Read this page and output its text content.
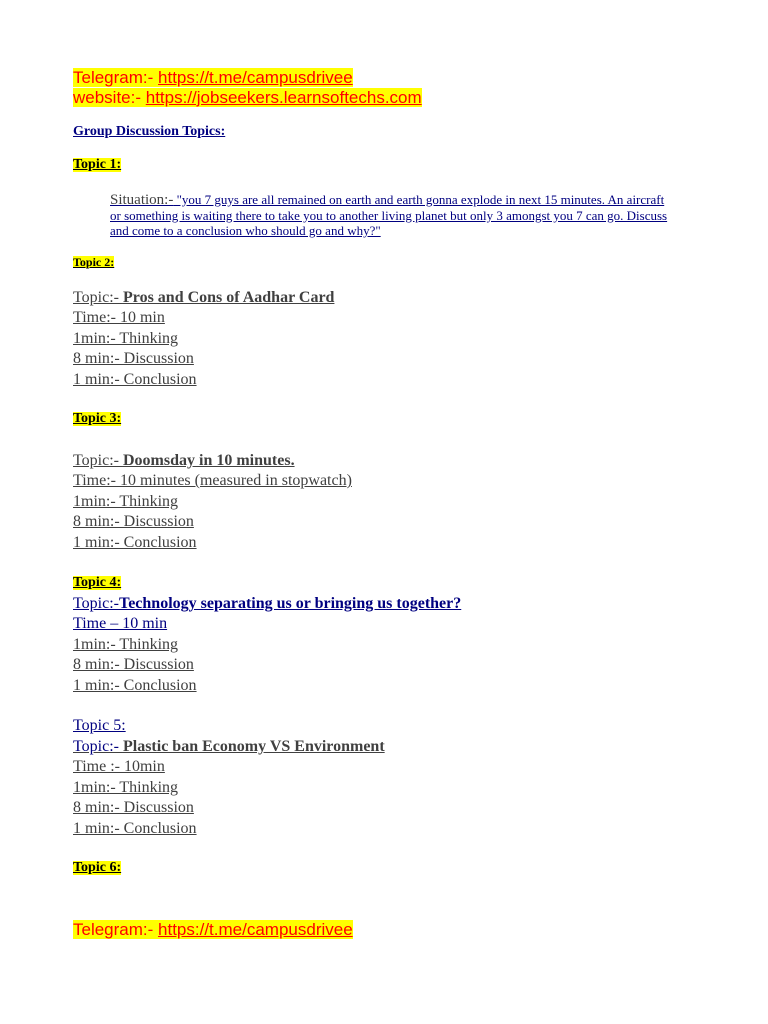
Telegram:- https://t.me/campusdrivee
website:- https://jobseekers.learnsoftechs.com
Group Discussion Topics:
Topic 1:
Situation:- "you 7 guys are all remained on earth and earth gonna explode in next 15 minutes. An aircraft or something is waiting there to take you to another living planet but only 3 amongst you 7 can go. Discuss and come to a conclusion who should go and why?"
Topic 2:
Topic:- Pros and Cons of Aadhar Card
Time:- 10 min
1min:- Thinking
8 min:- Discussion
1 min:- Conclusion
Topic 3:
Topic:- Doomsday in 10 minutes.
Time:- 10 minutes (measured in stopwatch)
1min:- Thinking
8 min:- Discussion
1 min:- Conclusion
Topic 4:
Topic:-Technology separating us or bringing us together?
Time – 10 min
1min:- Thinking
8 min:- Discussion
1 min:- Conclusion
Topic 5:
Topic:- Plastic ban Economy VS Environment
Time :- 10min
1min:- Thinking
8 min:- Discussion
1 min:- Conclusion
Topic 6:
Telegram:- https://t.me/campusdrivee
